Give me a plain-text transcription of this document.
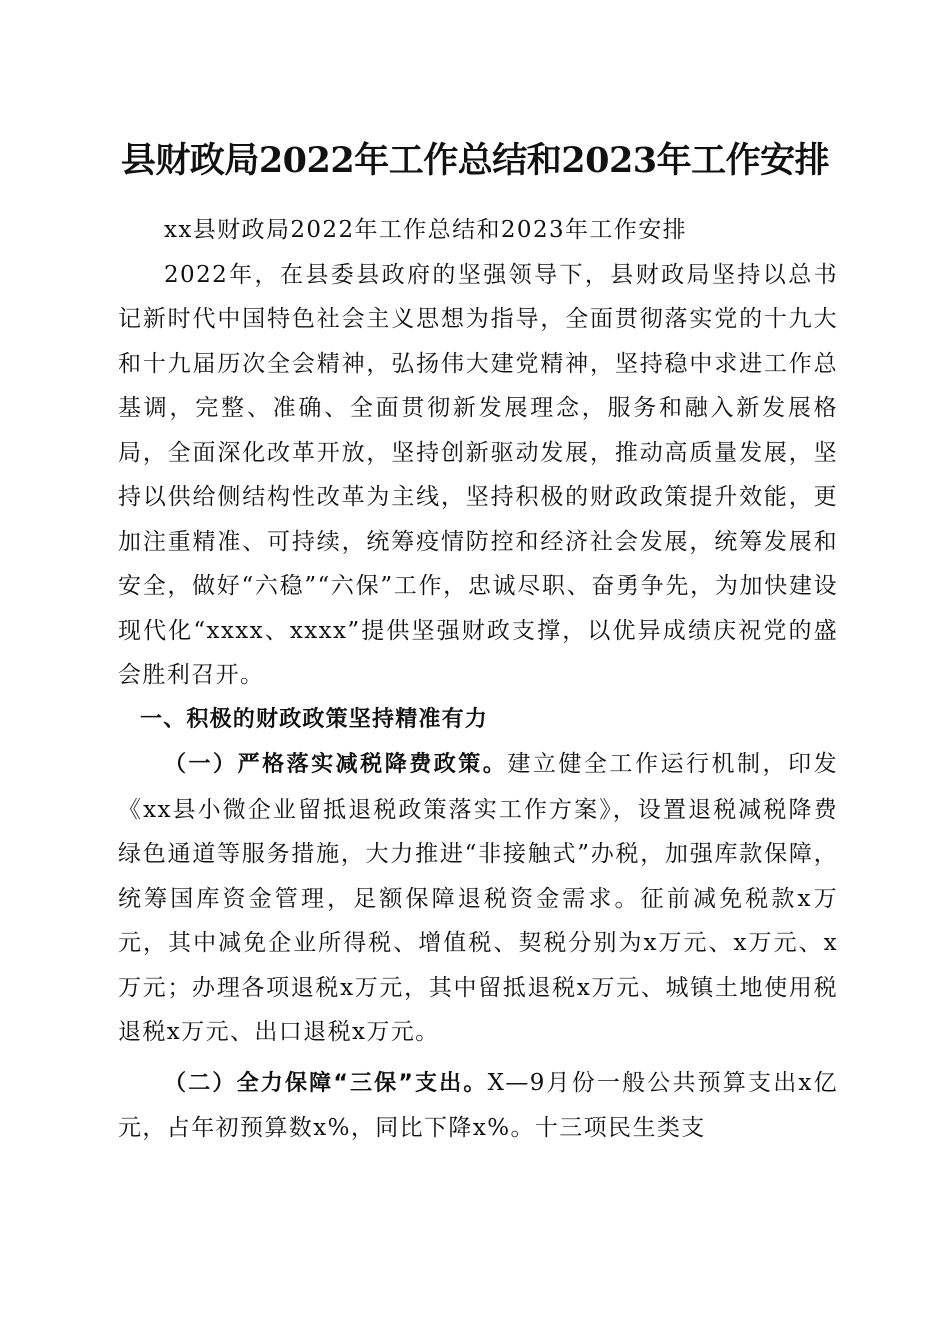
县财政局2022年工作总结和2023年工作安排

xx县财政局2022年工作总结和2023年工作安排

2022年，在县委县政府的坚强领导下，县财政局坚持以总书记新时代中国特色社会主义思想为指导，全面贯彻落实党的十九大和十九届历次全会精神，弘扬伟大建党精神，坚持稳中求进工作总基调，完整、准确、全面贯彻新发展理念，服务和融入新发展格局，全面深化改革开放，坚持创新驱动发展，推动高质量发展，坚持以供给侧结构性改革为主线，坚持积极的财政政策提升效能，更加注重精准、可持续，统筹疫情防控和经济社会发展，统筹发展和安全，做好“六稳”“六保”工作，忠诚尽职、奋勇争先，为加快建设现代化“xxxx、xxxx”提供坚强财政支撑，以优异成绩庆祝党的盛会胜利召开。

一、积极的财政政策坚持精准有力

（一）严格落实减税降费政策。建立健全工作运行机制，印发《xx县小微企业留抵退税政策落实工作方案》，设置退税减税降费绿色通道等服务措施，大力推进“非接触式”办税，加强库款保障，统筹国库资金管理，足额保障退税资金需求。征前减免税款x万元，其中减免企业所得税、增值税、契税分别为x万元、x万元、x万元；办理各项退税x万元，其中留抵退税x万元、城镇土地使用税退税x万元、出口退税x万元。

（二）全力保障“三保”支出。X—9月份一般公共预算支出x亿元，占年初预算数x%，同比下降x%。十三项民生类支
